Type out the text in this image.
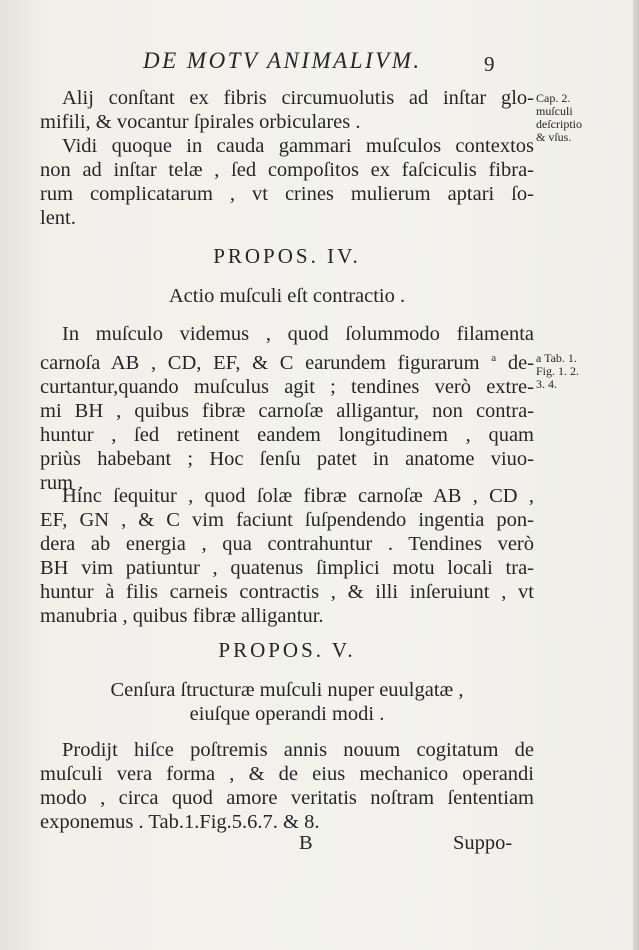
DE MOTV ANIMALIVM.	9
Alij conſtant ex fibris circumuolutis ad inſtar glo-
mifili, & vocantur ſpirales orbiculares .
Vidi quoque in cauda gammari muſculos contextos
non ad inſtar telæ , ſed compoſitos ex faſciculis fibra-
rum complicatarum , vt crines mulierum aptari ſo-
lent.
Cap. 2.
muſculi
deſcriptio
& vſus.
PROPOS. IV.
Actio muſculi eſt contractio .
In muſculo videmus , quod ſolummodo filamenta
carnoſa AB , CD, EF, & C earundem figurarum $^a$ de-
curtantur,quando muſculus agit ; tendines verò extre-
mi BH , quibus fibræ carnoſæ alligantur, non contra-
huntur , ſed retinent eandem longitudinem , quam
priùs habebant ; Hoc ſenſu patet in anatome viuo-
rum .
a Tab. 1.
Fig. 1. 2.
3. 4.
Hinc ſequitur , quod ſolæ fibræ carnoſæ AB , CD ,
EF, GN , & C vim faciunt ſuſpendendo ingentia pon-
dera ab energia , qua contrahuntur . Tendines verò
BH vim patiuntur , quatenus ſimplici motu locali tra-
huntur à filis carneis contractis , & illi inſeruiunt , vt
manubria , quibus fibræ alligantur.
PROPOS. V.
Cenſura ſtructuræ muſculi nuper euulgatæ ,
eiuſque operandi modi .
Prodijt hiſce poſtremis annis nouum cogitatum de
muſculi vera forma , & de eius mechanico operandi
modo , circa quod amore veritatis noſtram ſententiam
exponemus . Tab.1.Fig.5.6.7. & 8.
B	Suppo-
